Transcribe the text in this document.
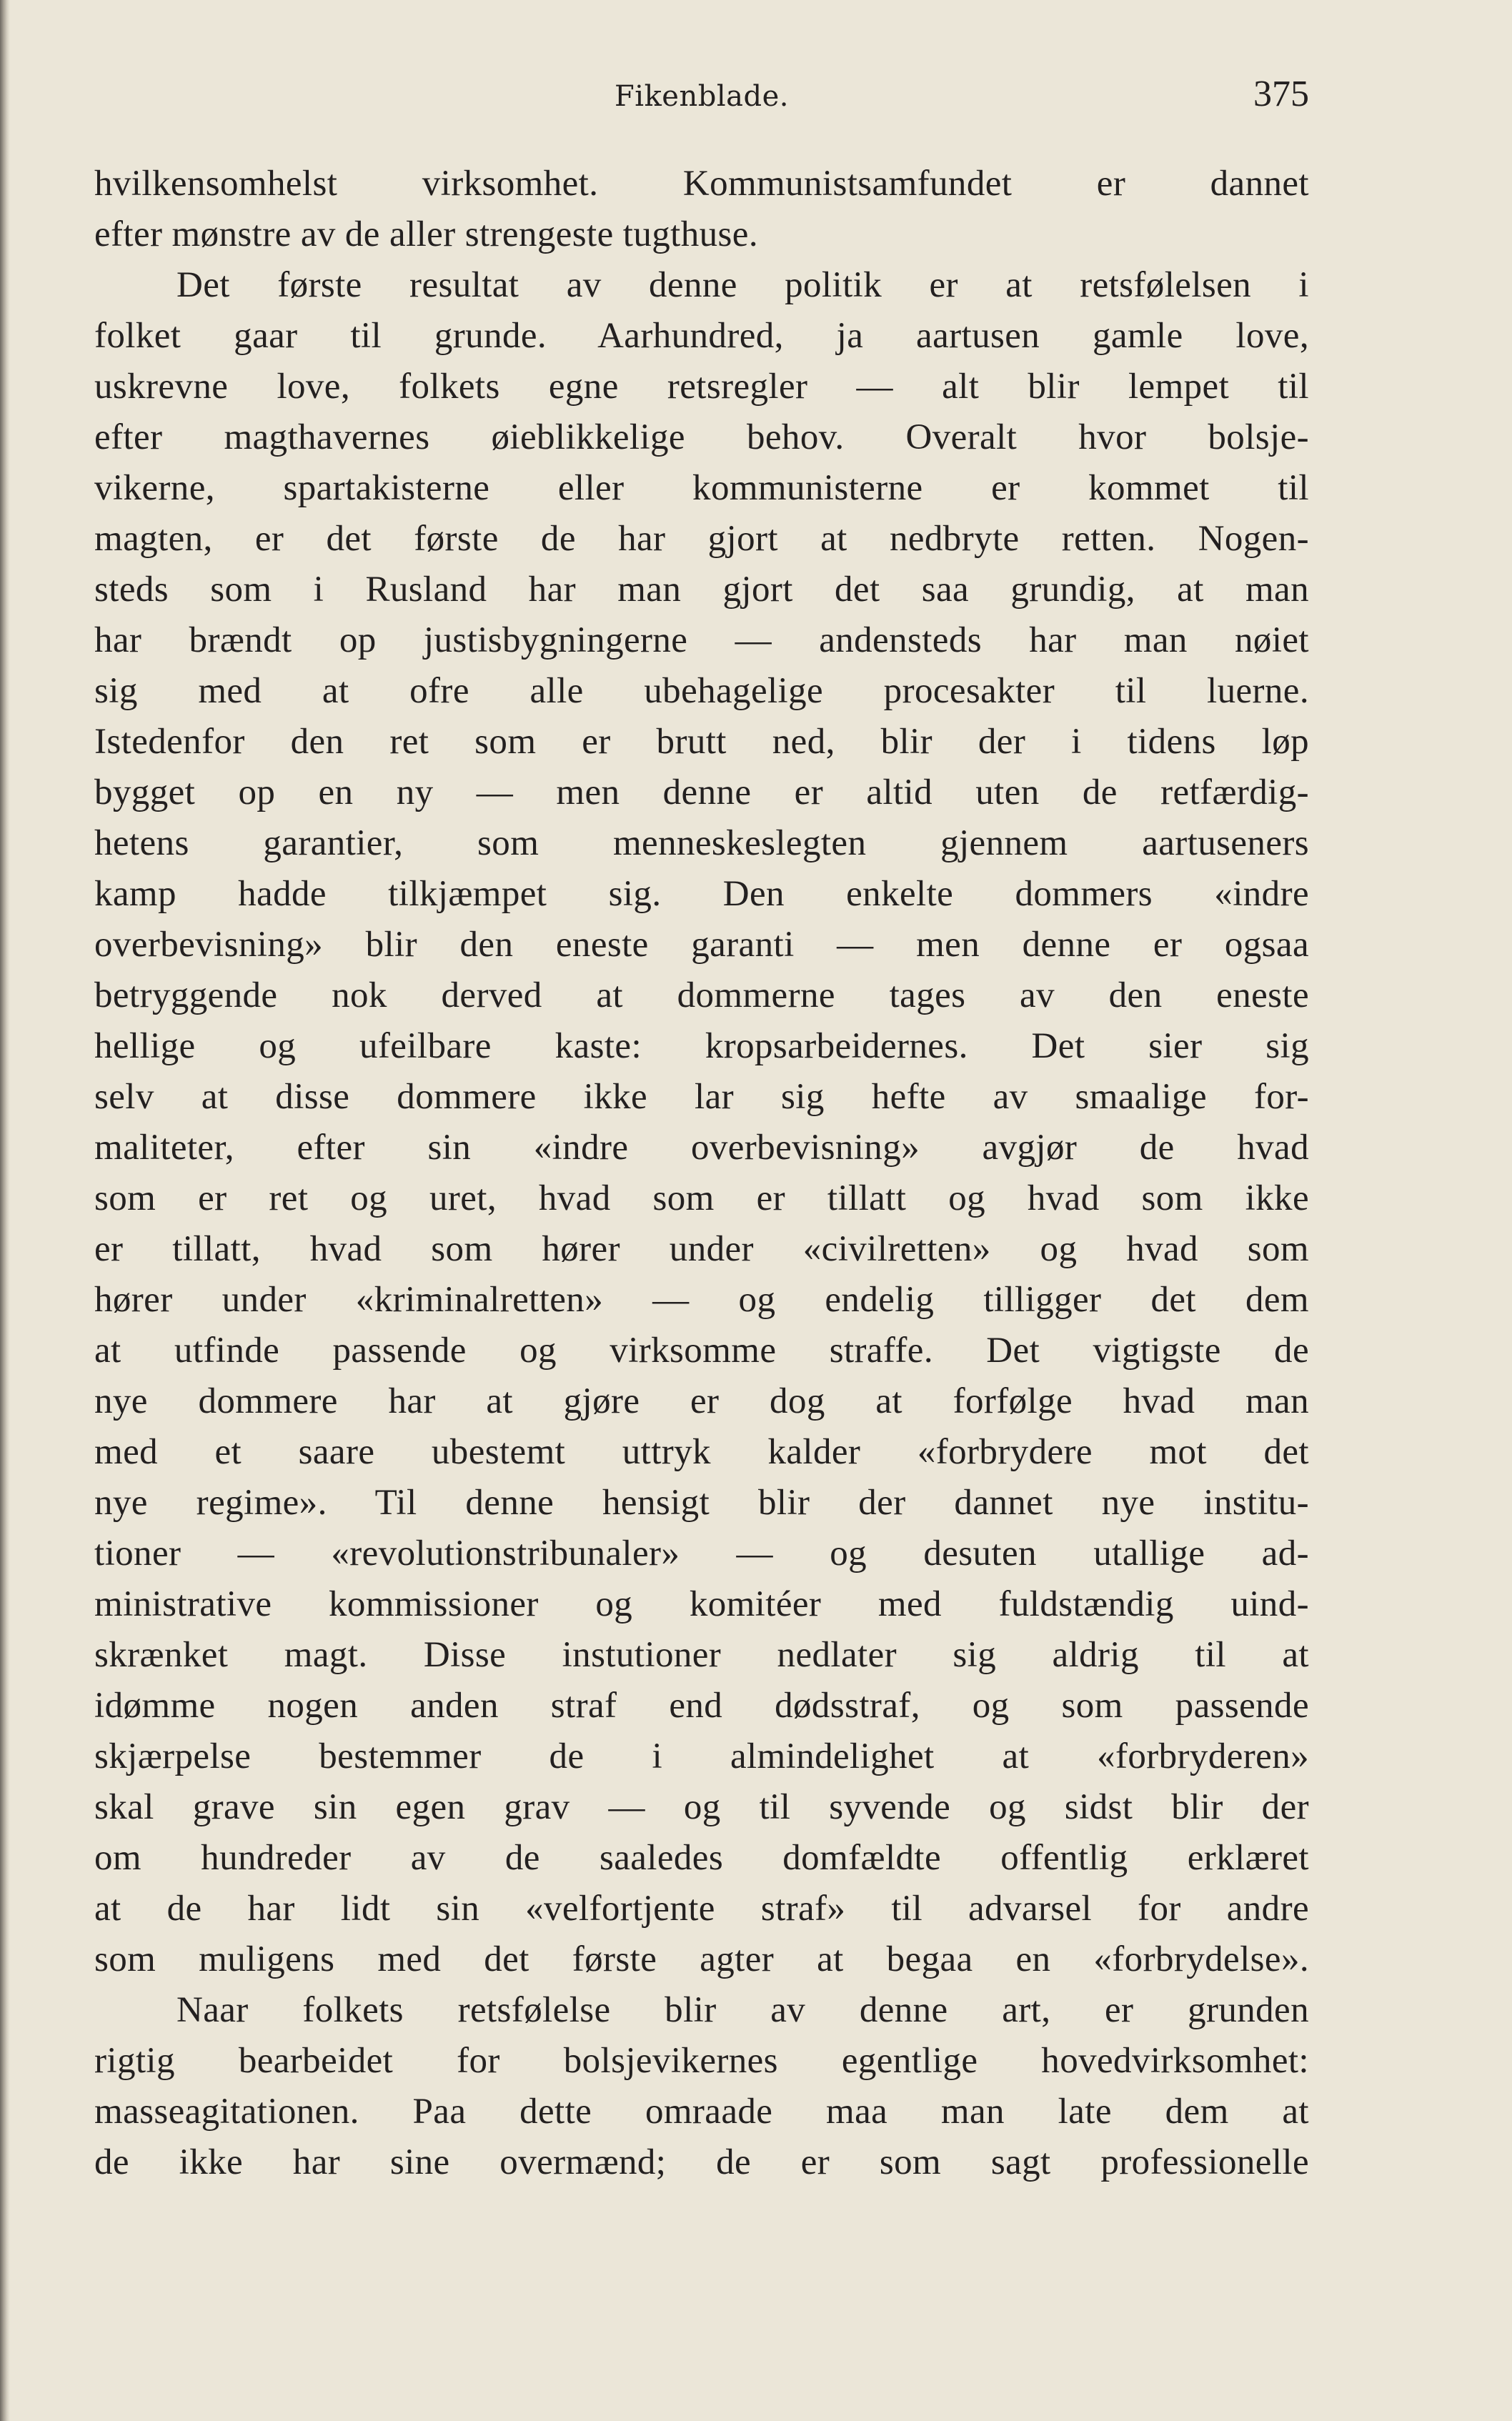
Fikenblade.	375
hvilkensomhelst virksomhet. Kommunistsamfundet er dannet
efter mønstre av de aller strengeste tugthuse.
Det første resultat av denne politik er at retsfølelsen i
folket gaar til grunde. Aarhundred, ja aartusen gamle love,
uskrevne love, folkets egne retsregler — alt blir lempet til
efter magthavernes øieblikkelige behov. Overalt hvor bolsje-
vikerne, spartakisterne eller kommunisterne er kommet til
magten, er det første de har gjort at nedbryte retten. Nogen-
steds som i Rusland har man gjort det saa grundig, at man
har brændt op justisbygningerne — andensteds har man nøiet
sig med at ofre alle ubehagelige procesakter til luerne.
Istedenfor den ret som er brutt ned, blir der i tidens løp
bygget op en ny — men denne er altid uten de retfærdig-
hetens garantier, som menneskeslegten gjennem aartuseners
kamp hadde tilkjæmpet sig. Den enkelte dommers «indre
overbevisning» blir den eneste garanti — men denne er ogsaa
betryggende nok derved at dommerne tages av den eneste
hellige og ufeilbare kaste: kropsarbeidernes. Det sier sig
selv at disse dommere ikke lar sig hefte av smaalige for-
maliteter, efter sin «indre overbevisning» avgjør de hvad
som er ret og uret, hvad som er tillatt og hvad som ikke
er tillatt, hvad som hører under «civilretten» og hvad som
hører under «kriminalretten» — og endelig tilligger det dem
at utfinde passende og virksomme straffe. Det vigtigste de
nye dommere har at gjøre er dog at forfølge hvad man
med et saare ubestemt uttryk kalder «forbrydere mot det
nye regime». Til denne hensigt blir der dannet nye institu-
tioner — «revolutionstribunaler» — og desuten utallige ad-
ministrative kommissioner og komitéer med fuldstændig uind-
skrænket magt. Disse instutioner nedlater sig aldrig til at
idømme nogen anden straf end dødsstraf, og som passende
skjærpelse bestemmer de i almindelighet at «forbryderen»
skal grave sin egen grav — og til syvende og sidst blir der
om hundreder av de saaledes domfældte offentlig erklæret
at de har lidt sin «velfortjente straf» til advarsel for andre
som muligens med det første agter at begaa en «forbrydelse».
Naar folkets retsfølelse blir av denne art, er grunden
rigtig bearbeidet for bolsjevikernes egentlige hovedvirksomhet:
masseagitationen. Paa dette omraade maa man late dem at
de ikke har sine overmænd; de er som sagt professionelle
